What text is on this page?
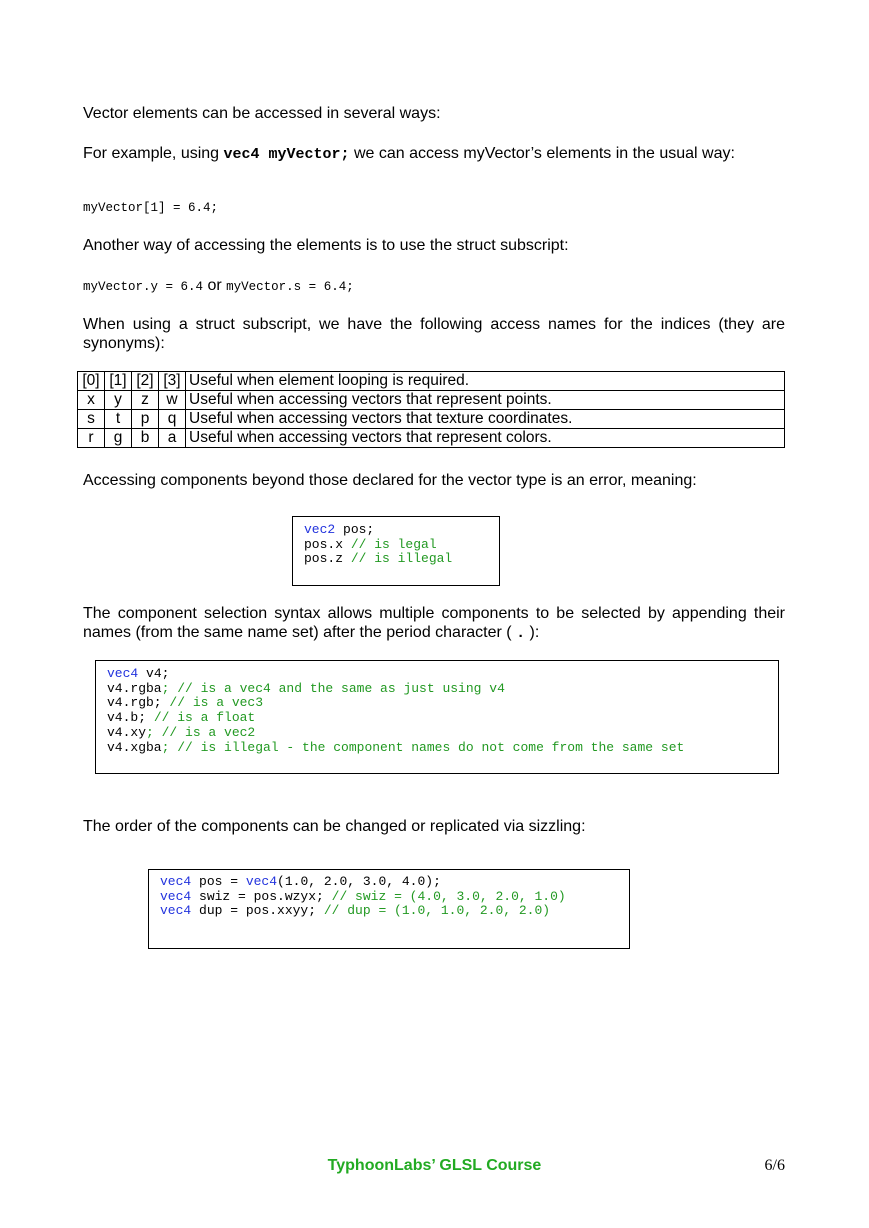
Vector elements can be accessed in several ways:
For example, using vec4 myVector; we can access myVector’s elements in the usual way:
myVector[1] = 6.4;
Another way of accessing the elements is to use the struct subscript:
myVector.y = 6.4 or myVector.s = 6.4;
When using a struct subscript, we have the following access names for the indices (they are synonyms):
[0]	[1]	[2]	[3]	Useful when element looping is required.
x	y	z	w	Useful when accessing vectors that represent points.
s	t	p	q	Useful when accessing vectors that texture coordinates.
r	g	b	a	Useful when accessing vectors that represent colors.
Accessing components beyond those declared for the vector type is an error, meaning:
vec2 pos;
pos.x // is legal
pos.z // is illegal
The component selection syntax allows multiple components to be selected by appending their names (from the same name set) after the period character ( . ):
vec4 v4;
v4.rgba; // is a vec4 and the same as just using v4
v4.rgb; // is a vec3
v4.b; // is a float
v4.xy; // is a vec2
v4.xgba; // is illegal - the component names do not come from the same set
The order of the components can be changed or replicated via sizzling:
vec4 pos = vec4(1.0, 2.0, 3.0, 4.0);
vec4 swiz = pos.wzyx; // swiz = (4.0, 3.0, 2.0, 1.0)
vec4 dup = pos.xxyy; // dup = (1.0, 1.0, 2.0, 2.0)
TyphoonLabs’ GLSL Course	6/6
